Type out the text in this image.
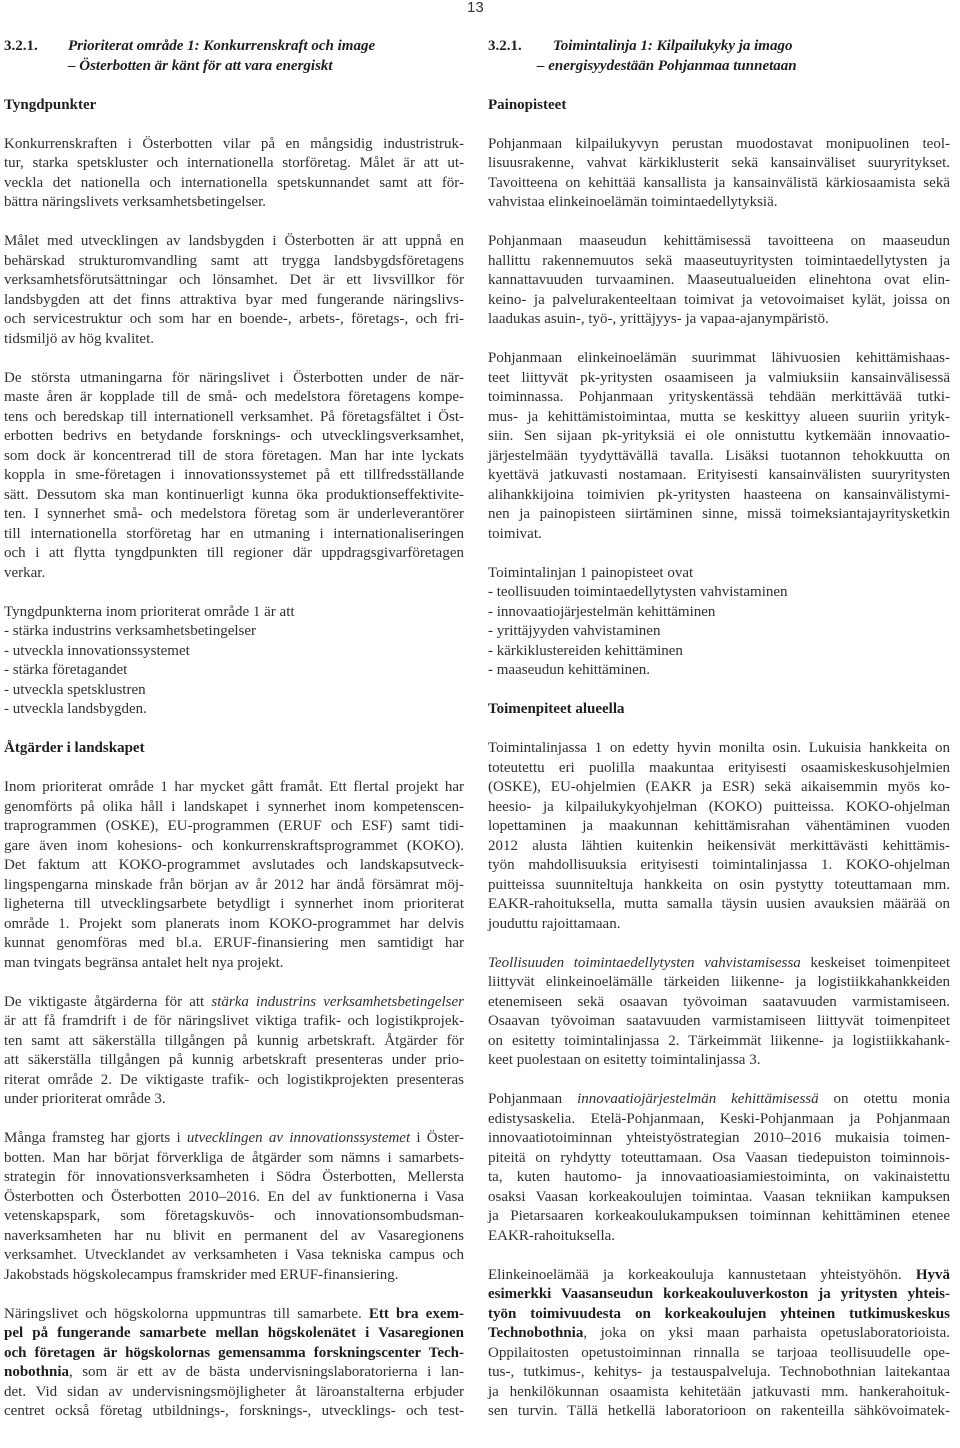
13
3.2.1.	Prioriterat område 1: Konkurrenskraft och image
– Österbotten är känt för att vara energiskt
Tyngdpunkter
Konkurrenskraften i Österbotten vilar på en mångsidig industristruk-
tur, starka spetskluster och internationella storföretag. Målet är att ut-
veckla det nationella och internationella spetskunnandet samt att för-
bättra näringslivets verksamhetsbetingelser.
Målet med utvecklingen av landsbygden i Österbotten är att uppnå en
behärskad strukturomvandling samt att trygga landsbygdsföretagens
verksamhetsförutsättningar och lönsamhet. Det är ett livsvillkor för
landsbygden att det finns attraktiva byar med fungerande näringslivs-
och servicestruktur och som har en boende-, arbets-, företags-, och fri-
tidsmiljö av hög kvalitet.
De största utmaningarna för näringslivet i Österbotten under de när-
maste åren är kopplade till de små- och medelstora företagens kompe-
tens och beredskap till internationell verksamhet. På företagsfältet i Öst-
erbotten bedrivs en betydande forsknings- och utvecklingsverksamhet,
som dock är koncentrerad till de stora företagen. Man har inte lyckats
koppla in sme-företagen i innovationssystemet på ett tillfredsställande
sätt. Dessutom ska man kontinuerligt kunna öka produktionseffektivite-
ten. I synnerhet små- och medelstora företag som är underleverantörer
till internationella storföretag har en utmaning i internationaliseringen
och i att flytta tyngdpunkten till regioner där uppdragsgivarföretagen
verkar.
Tyngdpunkterna inom prioriterat område 1 är att
- stärka industrins verksamhetsbetingelser
- utveckla innovationssystemet
- stärka företagandet
- utveckla spetsklustren
- utveckla landsbygden.
Åtgärder i landskapet
Inom prioriterat område 1 har mycket gått framåt. Ett flertal projekt har
genomförts på olika håll i landskapet i synnerhet inom kompetenscen-
traprogrammen (OSKE), EU-programmen (ERUF och ESF) samt tidi-
gare även inom kohesions- och konkurrenskraftsprogrammet (KOKO).
Det faktum att KOKO-programmet avslutades och landskapsutveck-
lingspengarna minskade från början av år 2012 har ändå försämrat möj-
ligheterna till utvecklingsarbete betydligt i synnerhet inom prioriterat
område 1. Projekt som planerats inom KOKO-programmet har delvis
kunnat genomföras med bl.a. ERUF-finansiering men samtidigt har
man tvingats begränsa antalet helt nya projekt.
De viktigaste åtgärderna för att stärka industrins verksamhetsbetingelser
är att få framdrift i de för näringslivet viktiga trafik- och logistikprojek-
ten samt att säkerställa tillgången på kunnig arbetskraft. Åtgärder för
att säkerställa tillgången på kunnig arbetskraft presenteras under prio-
riterat område 2. De viktigaste trafik- och logistikprojekten presenteras
under prioriterat område 3.
Många framsteg har gjorts i utvecklingen av innovationssystemet i Öster-
botten. Man har börjat förverkliga de åtgärder som nämns i samarbets-
strategin för innovationsverksamheten i Södra Österbotten, Mellersta
Österbotten och Österbotten 2010–2016. En del av funktionerna i Vasa
vetenskapspark, som företagskuvös- och innovationsombudsman-
naverksamheten har nu blivit en permanent del av Vasaregionens
verksamhet. Utvecklandet av verksamheten i Vasa tekniska campus och
Jakobstads högskolecampus framskrider med ERUF-finansiering.
Näringslivet och högskolorna uppmuntras till samarbete. Ett bra exem-
pel på fungerande samarbete mellan högskolenätet i Vasaregionen
och företagen är högskolornas gemensamma forskningscenter Tech-
nobothnia, som är ett av de bästa undervisningslaboratorierna i lan-
det. Vid sidan av undervisningsmöjligheter åt läroanstalterna erbjuder
centret också företag utbildnings-, forsknings-, utvecklings- och test-
3.2.1.	Toimintalinja 1: Kilpailukyky ja imago
– energisyydestään Pohjanmaa tunnetaan
Painopisteet
Pohjanmaan kilpailukyvyn perustan muodostavat monipuolinen teol-
lisuusrakenne, vahvat kärkiklusterit sekä kansainväliset suuryritykset.
Tavoitteena on kehittää kansallista ja kansainvälistä kärkiosaamista sekä
vahvistaa elinkeinoelämän toimintaedellytyksiä.
Pohjanmaan maaseudun kehittämisessä tavoitteena on maaseudun
hallittu rakennemuutos sekä maaseutuyritysten toimintaedellytysten ja
kannattavuuden turvaaminen. Maaseutualueiden elinehtona ovat elin-
keino- ja palvelurakenteeltaan toimivat ja vetovoimaiset kylät, joissa on
laadukas asuin-, työ-, yrittäjyys- ja vapaa-ajanympäristö.
Pohjanmaan elinkeinoelämän suurimmat lähivuosien kehittämishaas-
teet liittyvät pk-yritysten osaamiseen ja valmiuksiin kansainvälisessä
toiminnassa. Pohjanmaan yrityskentässä tehdään merkittävää tutki-
mus- ja kehittämistoimintaa, mutta se keskittyy alueen suuriin yrityk-
siin. Sen sijaan pk-yrityksiä ei ole onnistuttu kytkemään innovaatio-
järjestelmään tyydyttävällä tavalla. Lisäksi tuotannon tehokkuutta on
kyettävä jatkuvasti nostamaan. Erityisesti kansainvälisten suuryritysten
alihankkijoina toimivien pk-yritysten haasteena on kansainvälistymi-
nen ja painopisteen siirtäminen sinne, missä toimeksiantajayritysketkin
toimivat.
Toimintalinjan 1 painopisteet ovat
- teollisuuden toimintaedellytysten vahvistaminen
- innovaatiojärjestelmän kehittäminen
- yrittäjyyden vahvistaminen
- kärkiklustereiden kehittäminen
- maaseudun kehittäminen.
Toimenpiteet alueella
Toimintalinjassa 1 on edetty hyvin monilta osin. Lukuisia hankkeita on
toteutettu eri puolilla maakuntaa erityisesti osaamiskeskusohjelmien
(OSKE), EU-ohjelmien (EAKR ja ESR) sekä aikaisemmin myös ko-
heesio- ja kilpailukykyohjelman (KOKO) puitteissa. KOKO-ohjelman
lopettaminen ja maakunnan kehittämisrahan vähentäminen vuoden
2012 alusta lähtien kuitenkin heikensivät merkittävästi kehittämis-
työn mahdollisuuksia erityisesti toimintalinjassa 1. KOKO-ohjelman
puitteissa suunniteltuja hankkeita on osin pystytty toteuttamaan mm.
EAKR-rahoituksella, mutta samalla täysin uusien avauksien määrää on
jouduttu rajoittamaan.
Teollisuuden toimintaedellytysten vahvistamisessa keskeiset toimenpiteet
liittyvät elinkeinoelämälle tärkeiden liikenne- ja logistiikkahankkeiden
etenemiseen sekä osaavan työvoiman saatavuuden varmistamiseen.
Osaavan työvoiman saatavuuden varmistamiseen liittyvät toimenpiteet
on esitetty toimintalinjassa 2. Tärkeimmät liikenne- ja logistiikkahank-
keet puolestaan on esitetty toimintalinjassa 3.
Pohjanmaan innovaatiojärjestelmän kehittämisessä on otettu monia
edistysaskelia. Etelä-Pohjanmaan, Keski-Pohjanmaan ja Pohjanmaan
innovaatiotoiminnan yhteistyöstrategian 2010–2016 mukaisia toimen-
piteitä on ryhdytty toteuttamaan. Osa Vaasan tiedepuiston toiminnois-
ta, kuten hautomo- ja innovaatioasiamiestoiminta, on vakinaistettu
osaksi Vaasan korkeakoulujen toimintaa. Vaasan tekniikan kampuksen
ja Pietarsaaren korkeakoulukampuksen toiminnan kehittäminen etenee
EAKR-rahoituksella.
Elinkeinoelämää ja korkeakouluja kannustetaan yhteistyöhön. Hyvä
esimerkki Vaasanseudun korkeakouluverkoston ja yritysten yhteis-
työn toimivuudesta on korkeakoulujen yhteinen tutkimuskeskus
Technobothnia, joka on yksi maan parhaista opetuslaboratorioista.
Oppilaitosten opetustoiminnan rinnalla se tarjoaa teollisuudelle ope-
tus-, tutkimus-, kehitys- ja testauspalveluja. Technobothnian laitekantaa
ja henkilökunnan osaamista kehitetään jatkuvasti mm. hankerahoituk-
sen turvin. Tällä hetkellä laboratorioon on rakenteilla sähkövoimatek-
